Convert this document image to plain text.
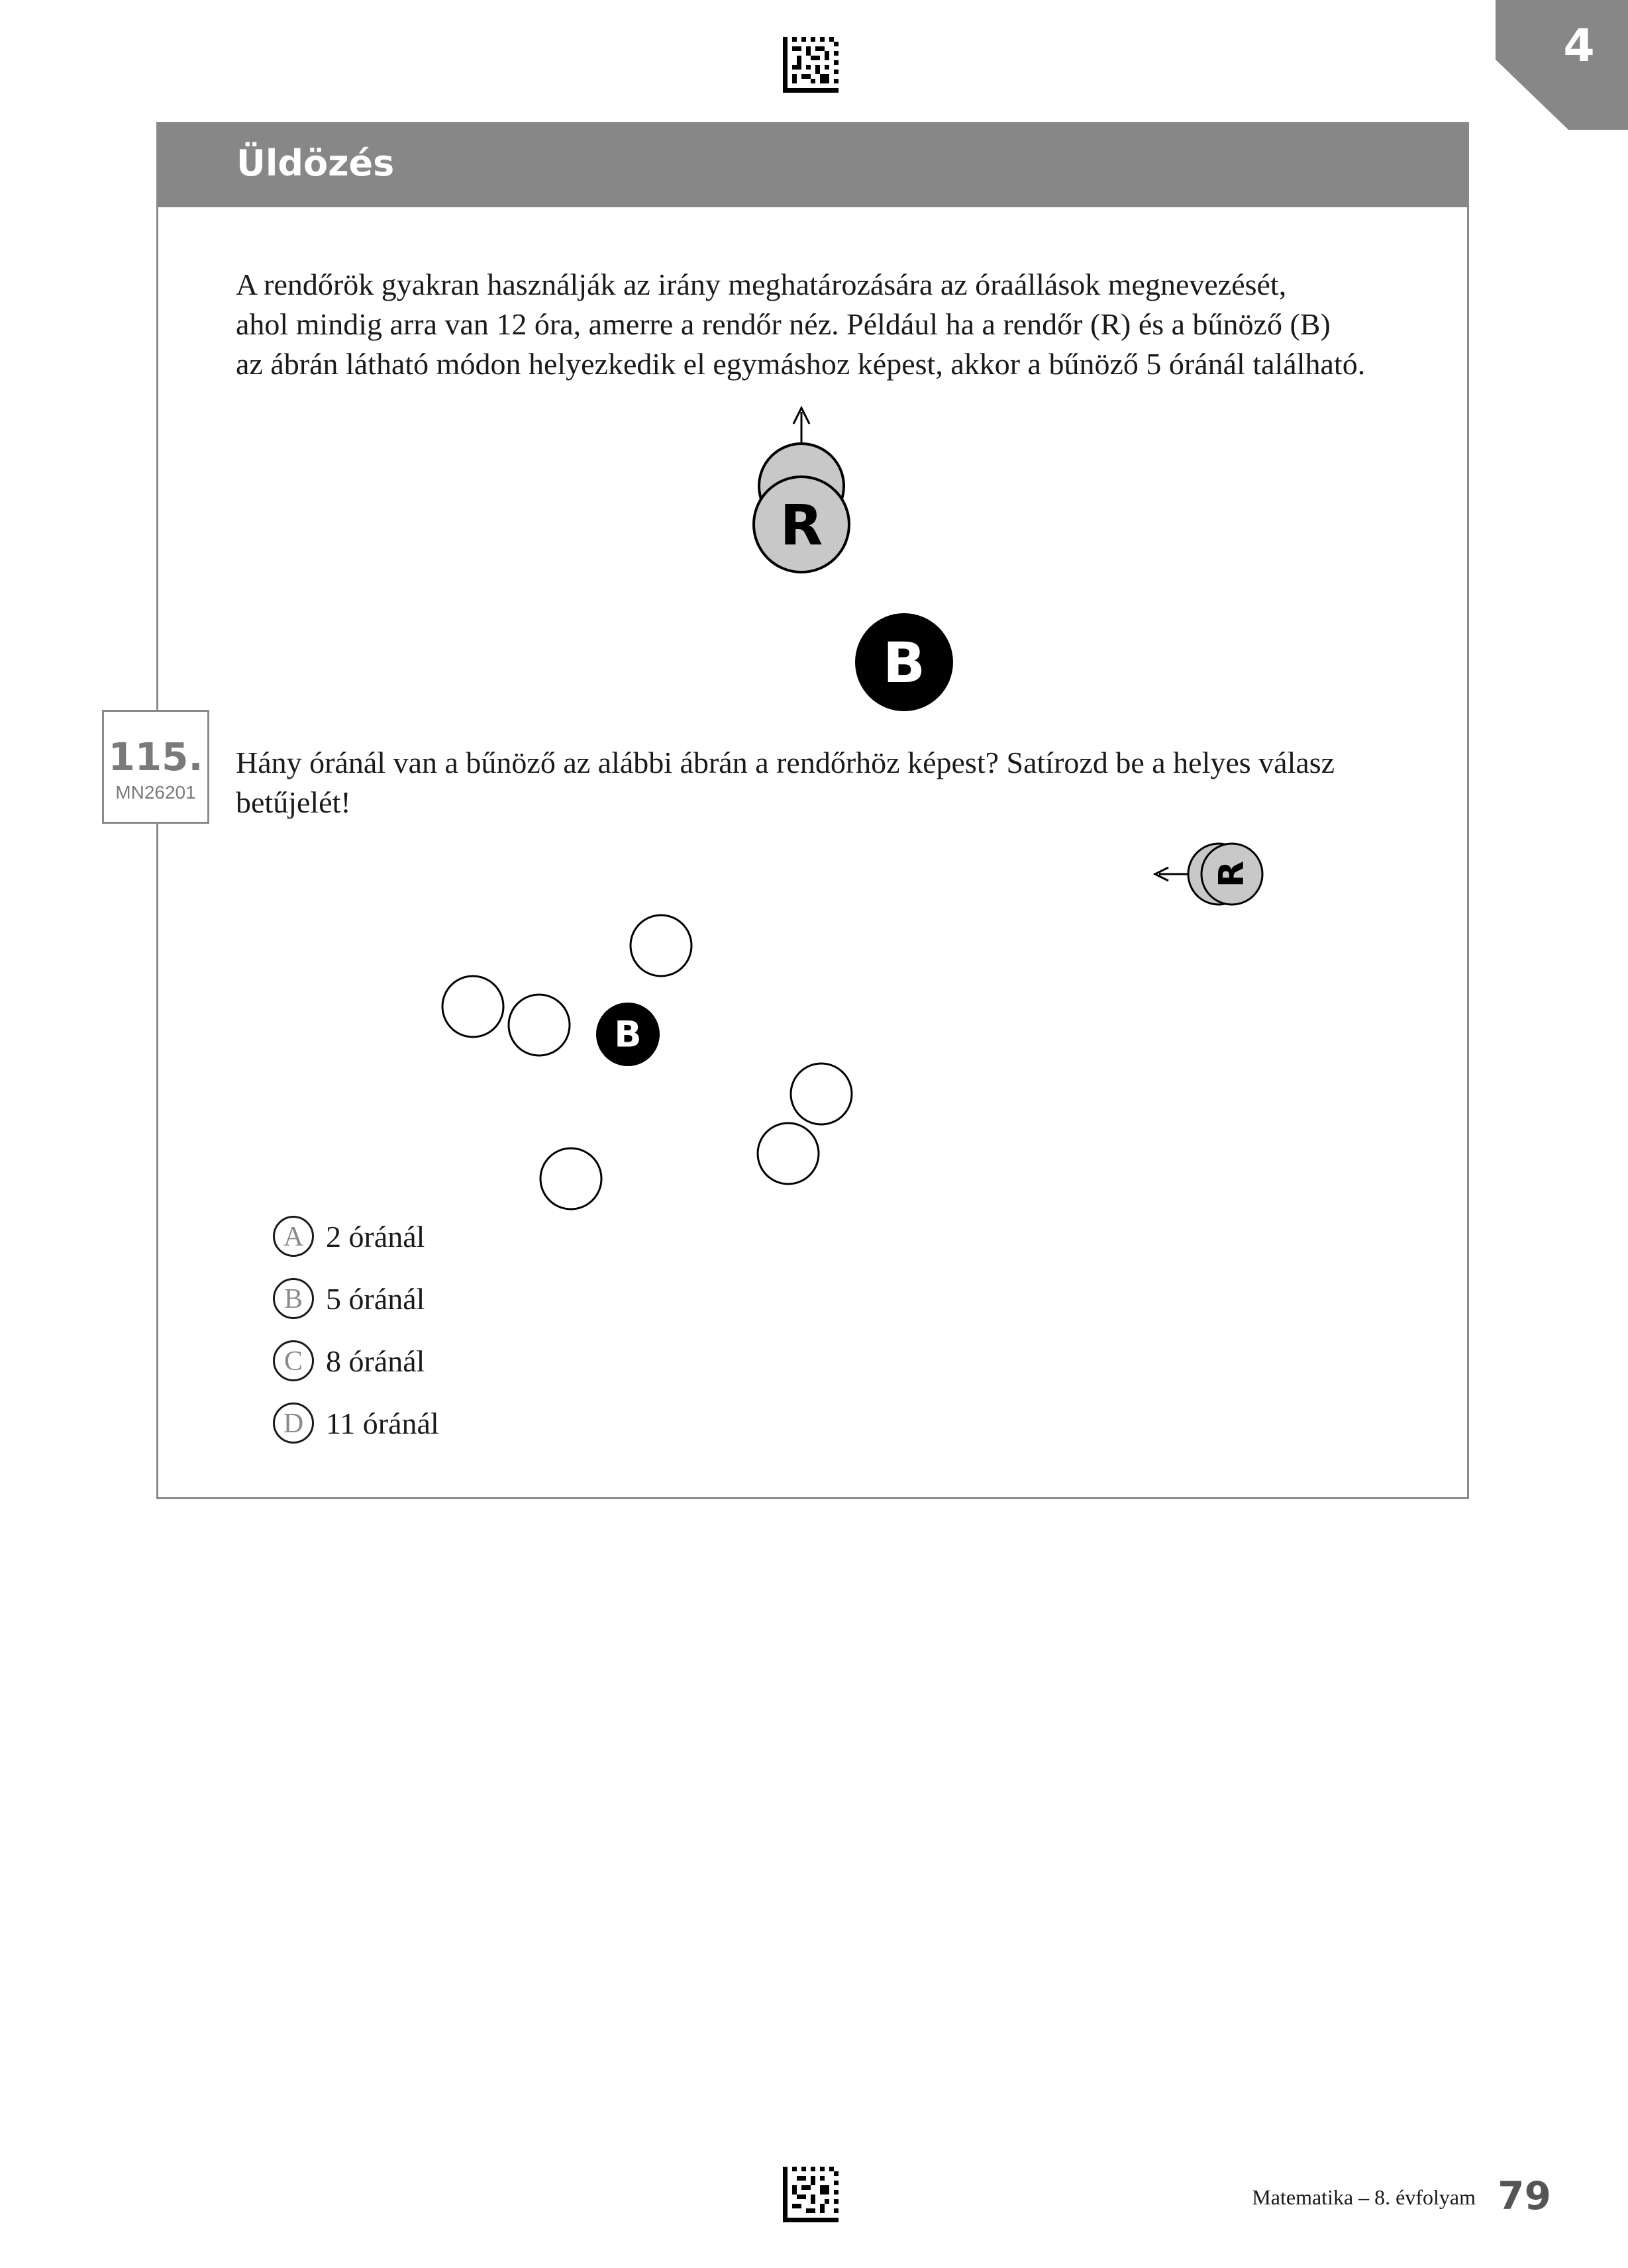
4
Üldözés

A rendőrök gyakran használják az irány meghatározására az óraállások megnevezését,
ahol mindig arra van 12 óra, amerre a rendőr néz. Például ha a rendőr (R) és a bűnöző (B)
az ábrán látható módon helyezkedik el egymáshoz képest, akkor a bűnöző 5 óránál található.

R
B
115.
MN26201

Hány óránál van a bűnöző az alábbi ábrán a rendőrhöz képest? Satírozd be a helyes válasz
betűjelét!

R
B
A 2 óránál
B 5 óránál
C 8 óránál
D 11 óránál
Matematika – 8. évfolyam 79
